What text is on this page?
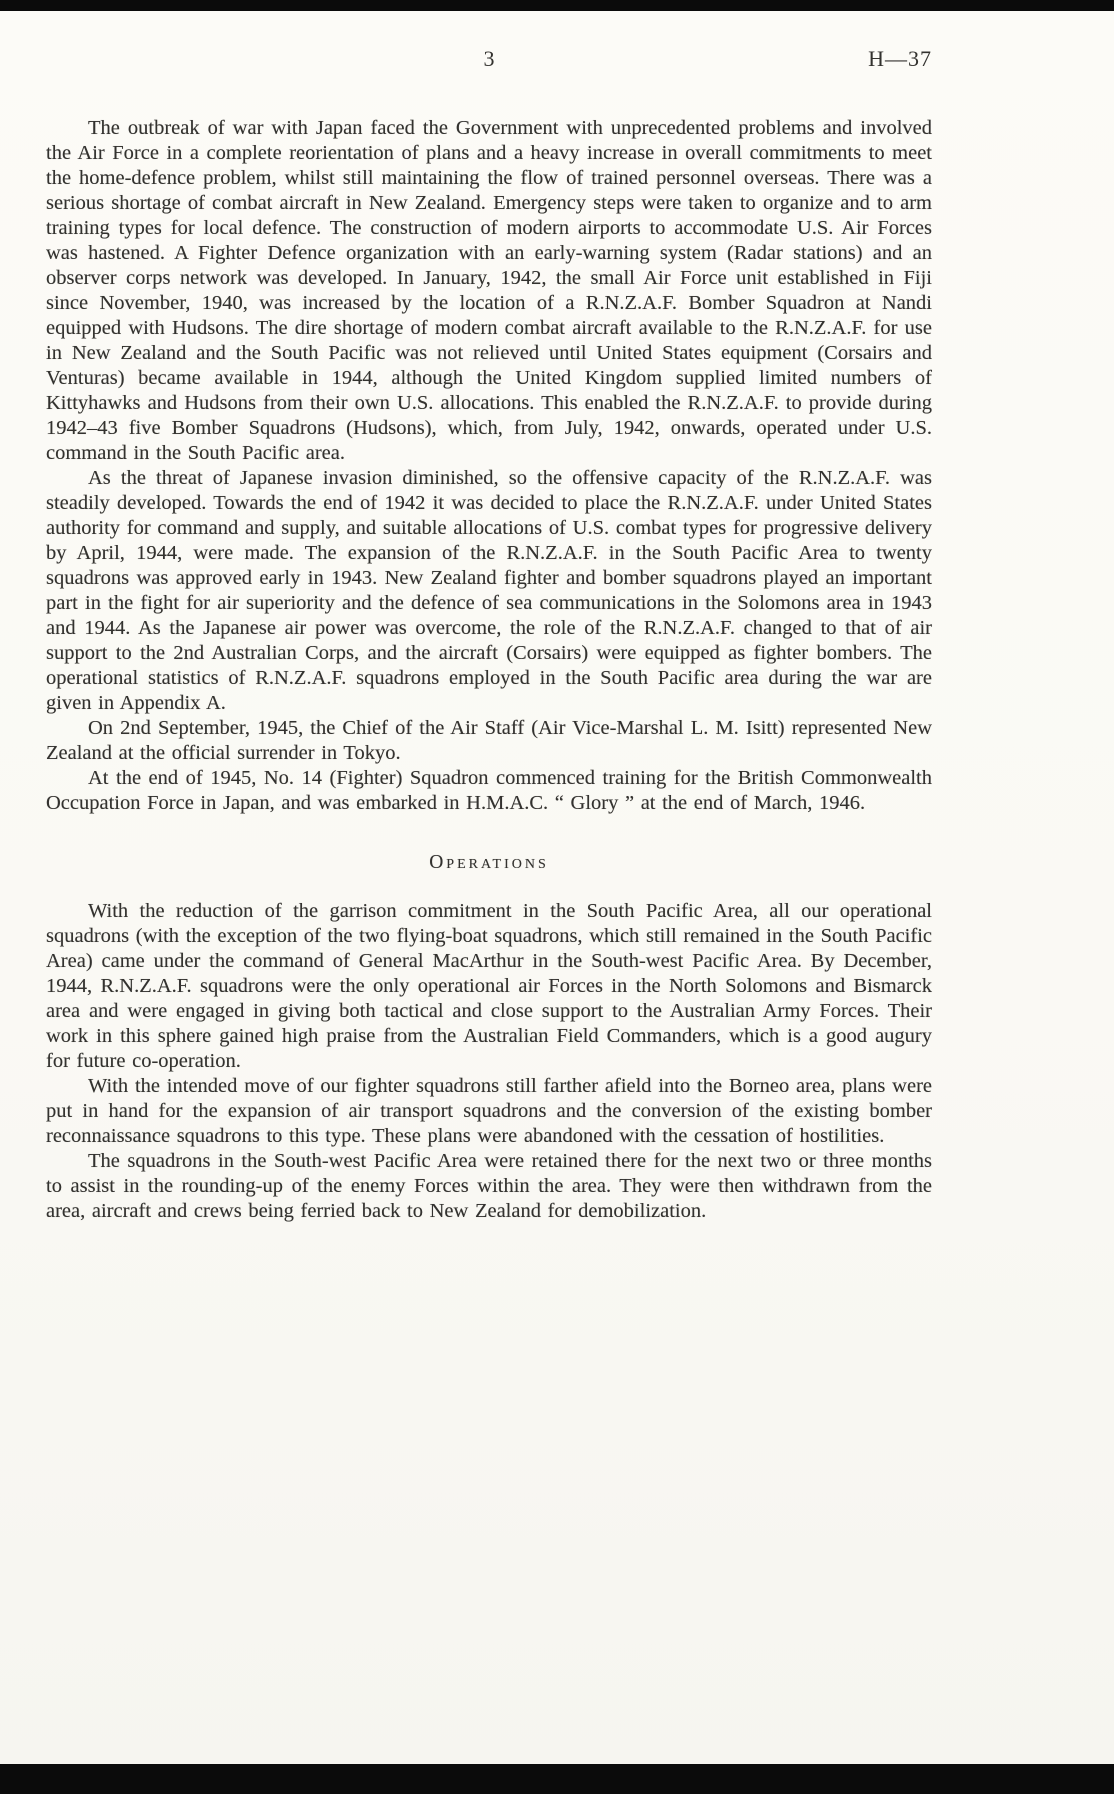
3	H—37

The outbreak of war with Japan faced the Government with unprecedented problems and involved the Air Force in a complete reorientation of plans and a heavy increase in overall commitments to meet the home-defence problem, whilst still maintaining the flow of trained personnel overseas. There was a serious shortage of combat aircraft in New Zealand. Emergency steps were taken to organize and to arm training types for local defence. The construction of modern airports to accommodate U.S. Air Forces was hastened. A Fighter Defence organization with an early-warning system (Radar stations) and an observer corps network was developed. In January, 1942, the small Air Force unit established in Fiji since November, 1940, was increased by the location of a R.N.Z.A.F. Bomber Squadron at Nandi equipped with Hudsons. The dire shortage of modern combat aircraft available to the R.N.Z.A.F. for use in New Zealand and the South Pacific was not relieved until United States equipment (Corsairs and Venturas) became available in 1944, although the United Kingdom supplied limited numbers of Kittyhawks and Hudsons from their own U.S. allocations. This enabled the R.N.Z.A.F. to provide during 1942–43 five Bomber Squadrons (Hudsons), which, from July, 1942, onwards, operated under U.S. command in the South Pacific area.

As the threat of Japanese invasion diminished, so the offensive capacity of the R.N.Z.A.F. was steadily developed. Towards the end of 1942 it was decided to place the R.N.Z.A.F. under United States authority for command and supply, and suitable allocations of U.S. combat types for progressive delivery by April, 1944, were made. The expansion of the R.N.Z.A.F. in the South Pacific Area to twenty squadrons was approved early in 1943. New Zealand fighter and bomber squadrons played an important part in the fight for air superiority and the defence of sea communications in the Solomons area in 1943 and 1944. As the Japanese air power was overcome, the role of the R.N.Z.A.F. changed to that of air support to the 2nd Australian Corps, and the aircraft (Corsairs) were equipped as fighter bombers. The operational statistics of R.N.Z.A.F. squadrons employed in the South Pacific area during the war are given in Appendix A.

On 2nd September, 1945, the Chief of the Air Staff (Air Vice-Marshal L. M. Isitt) represented New Zealand at the official surrender in Tokyo.

At the end of 1945, No. 14 (Fighter) Squadron commenced training for the British Commonwealth Occupation Force in Japan, and was embarked in H.M.A.C. “ Glory ” at the end of March, 1946.

Operations

With the reduction of the garrison commitment in the South Pacific Area, all our operational squadrons (with the exception of the two flying-boat squadrons, which still remained in the South Pacific Area) came under the command of General MacArthur in the South-west Pacific Area. By December, 1944, R.N.Z.A.F. squadrons were the only operational air Forces in the North Solomons and Bismarck area and were engaged in giving both tactical and close support to the Australian Army Forces. Their work in this sphere gained high praise from the Australian Field Commanders, which is a good augury for future co-operation.

With the intended move of our fighter squadrons still farther afield into the Borneo area, plans were put in hand for the expansion of air transport squadrons and the conversion of the existing bomber reconnaissance squadrons to this type. These plans were abandoned with the cessation of hostilities.

The squadrons in the South-west Pacific Area were retained there for the next two or three months to assist in the rounding-up of the enemy Forces within the area. They were then withdrawn from the area, aircraft and crews being ferried back to New Zealand for demobilization.
